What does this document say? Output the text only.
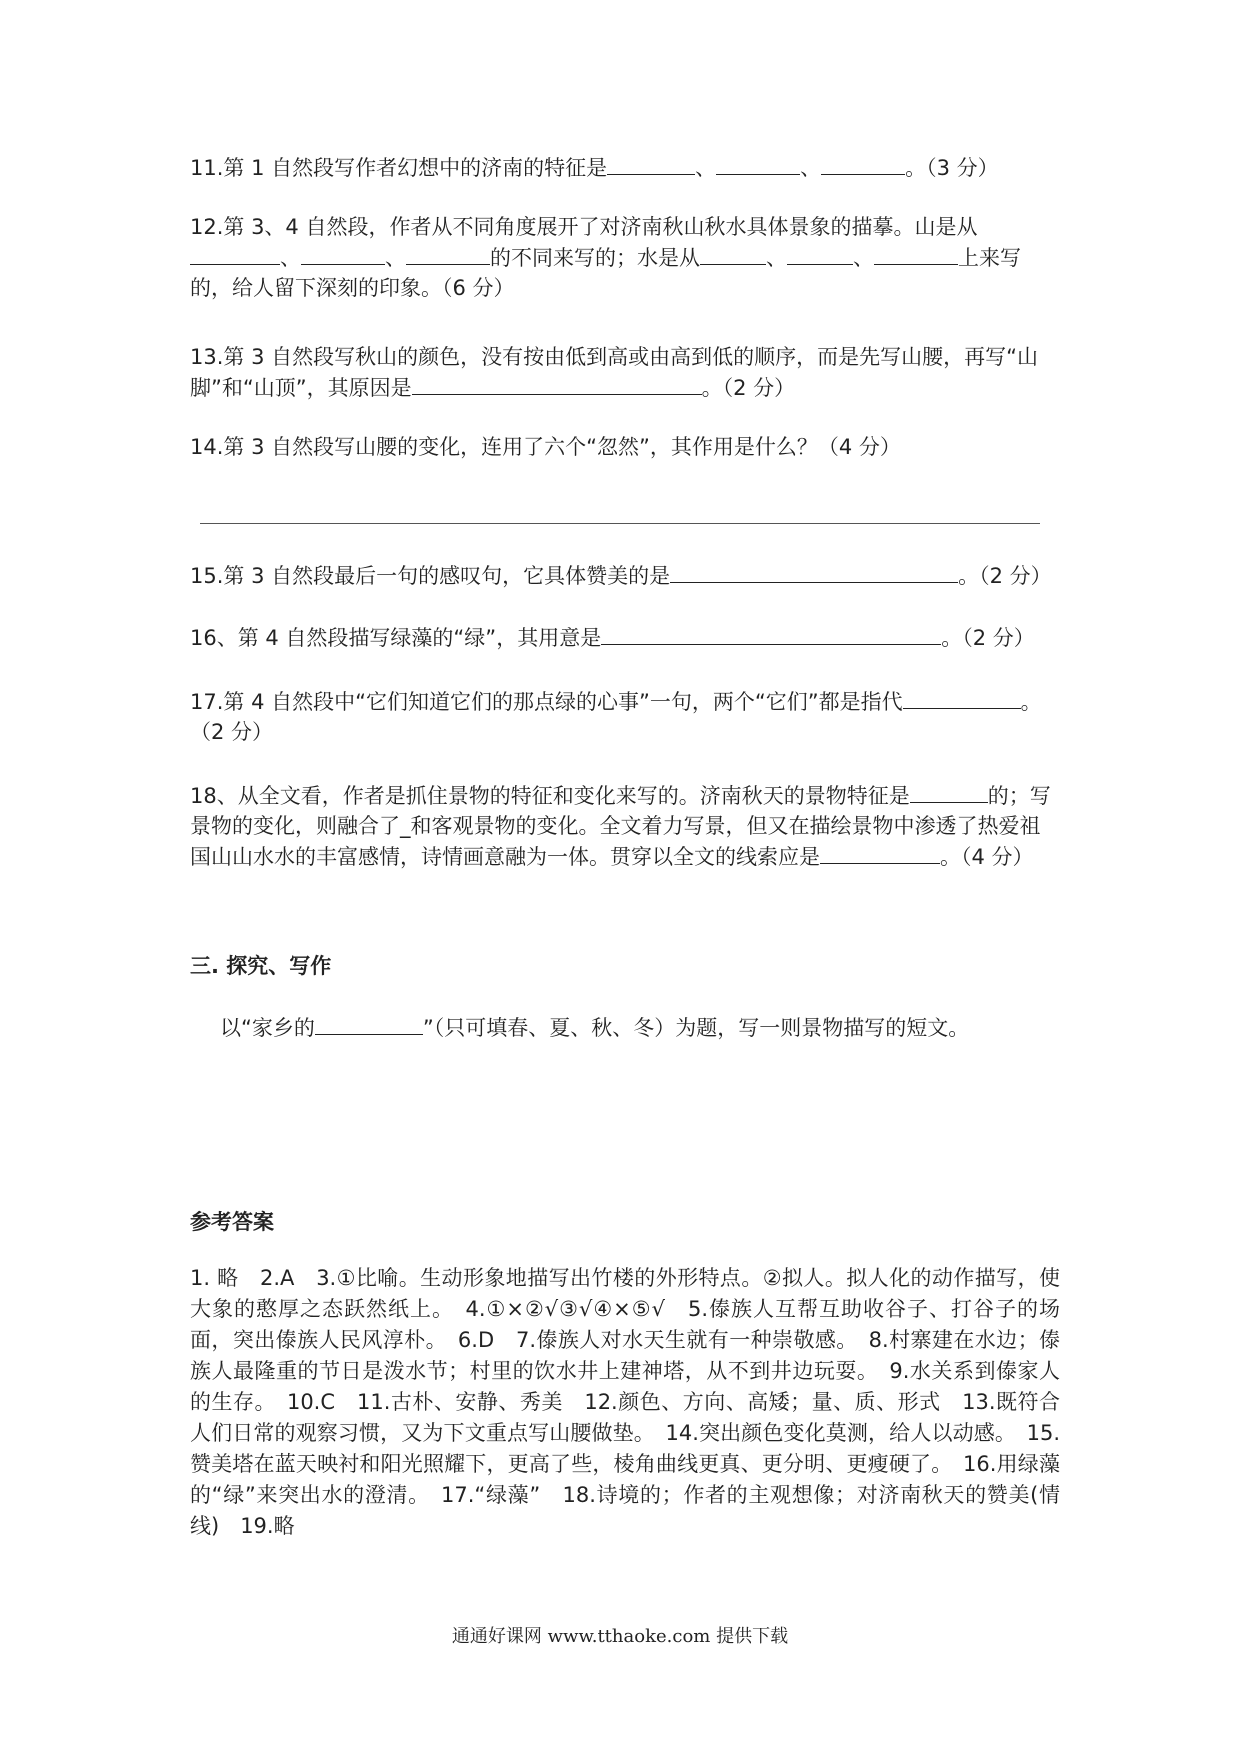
11.第 1 自然段写作者幻想中的济南的特征是	、	、	。（3 分）

12.第 3、4 自然段，作者从不同角度展开了对济南秋山秋水具体景象的描摹。山是从、	、	的不同来写的；水是从	、	、	上来写的，给人留下深刻的印象。（6 分）

13.第 3 自然段写秋山的颜色，没有按由低到高或由高到低的顺序，而是先写山腰，再写“山脚”和“山顶”，其原因是	。（2 分）

14.第 3 自然段写山腰的变化，连用了六个“忽然”，其作用是什么？（4 分）

15.第 3 自然段最后一句的感叹句，它具体赞美的是	。（2 分）

16、第 4 自然段描写绿藻的“绿”，其用意是	。（2 分）

17.第 4 自然段中“它们知道它们的那点绿的心事”一句，两个“它们”都是指代	。（2 分）

18、从全文看，作者是抓住景物的特征和变化来写的。济南秋天的景物特征是	的；写景物的变化，则融合了_和客观景物的变化。全文着力写景，但又在描绘景物中渗透了热爱祖国山山水水的丰富感情，诗情画意融为一体。贯穿以全文的线索应是	。（4 分）

三. 探究、写作

以“家乡的	”（只可填春、夏、秋、冬）为题，写一则景物描写的短文。

参考答案

1. 略　2.A　3.①比喻。生动形象地描写出竹楼的外形特点。②拟人。拟人化的动作描写，使大象的憨厚之态跃然纸上。　4.①×②√③√④×⑤√　5.傣族人互帮互助收谷子、打谷子的场面，突出傣族人民风淳朴。　6.D　7.傣族人对水天生就有一种崇敬感。　8.村寨建在水边；傣族人最隆重的节日是泼水节；村里的饮水井上建神塔，从不到井边玩耍。　9.水关系到傣家人的生存。　10.C　11.古朴、安静、秀美　12.颜色、方向、高矮；量、质、形式　13.既符合人们日常的观察习惯，又为下文重点写山腰做垫。　14.突出颜色变化莫测，给人以动感。　15.赞美塔在蓝天映衬和阳光照耀下，更高了些，棱角曲线更真、更分明、更瘦硬了。　16.用绿藻的“绿”来突出水的澄清。　17.“绿藻”　18.诗境的；作者的主观想像；对济南秋天的赞美(情线)　19.略

通通好课网 www.tthaoke.com 提供下载
